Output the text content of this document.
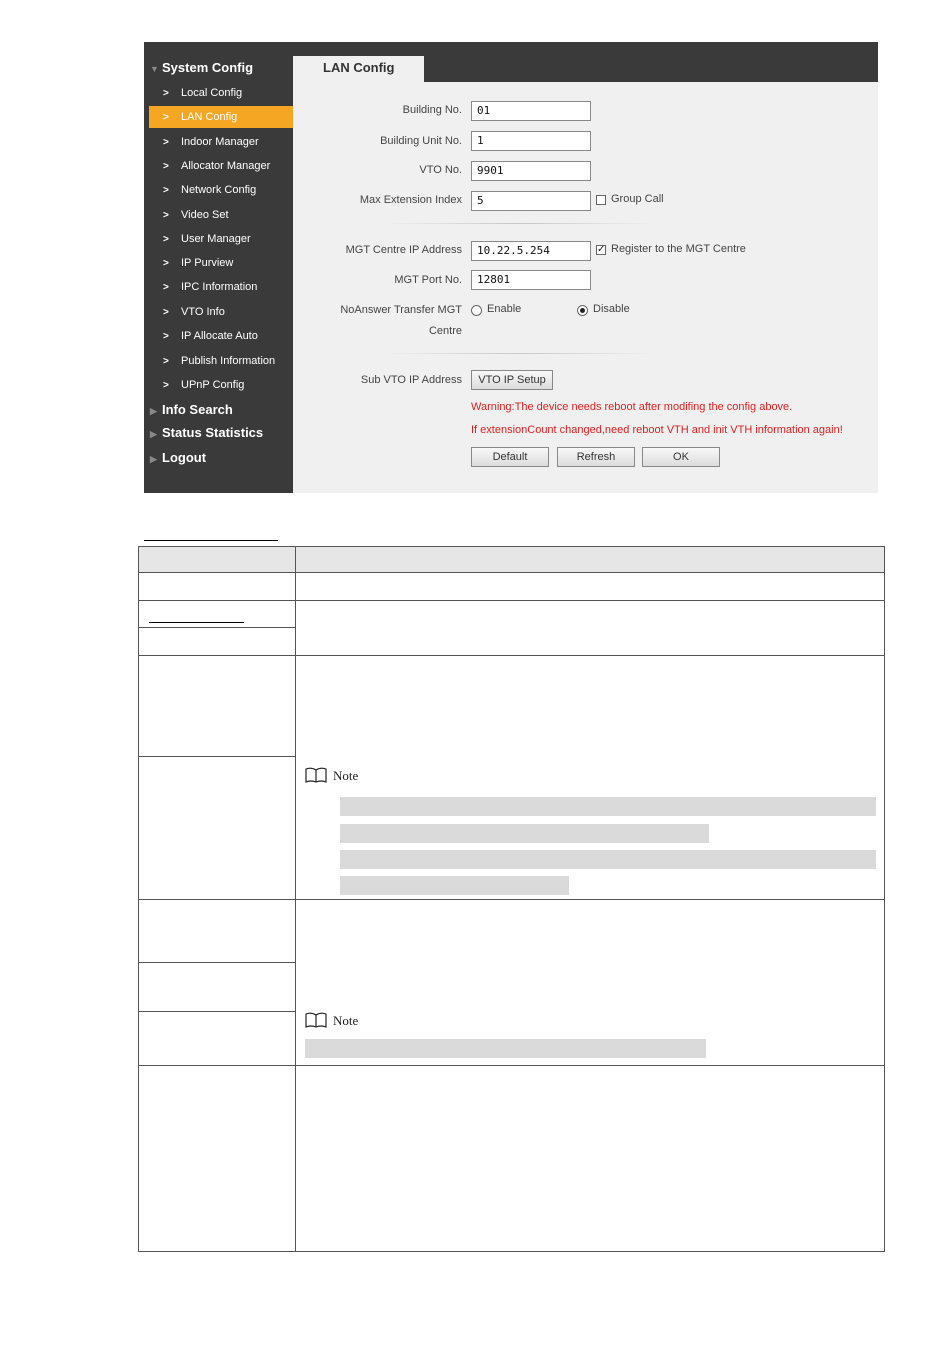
LAN Config
▼ System Config
> Local Config
> LAN Config
> Indoor Manager
> Allocator Manager
> Network Config
> Video Set
> User Manager
> IP Purview
> IPC Information
> VTO Info
> IP Allocate Auto
> Publish Information
> UPnP Config
▶ Info Search
▶ Status Statistics
▶ Logout
Building No.	01
Building Unit No.	1
VTO No.	9901
Max Extension Index	5	Group Call
MGT Centre IP Address	10.22.5.254	✓ Register to the MGT Centre
MGT Port No.	12801
NoAnswer Transfer MGT
Centre
Enable	Disable
Sub VTO IP Address	VTO IP Setup
Warning:The device needs reboot after modifing the config above.
If extensionCount changed,need reboot VTH and init VTH information again!
Default	Refresh	OK
Note
Note
